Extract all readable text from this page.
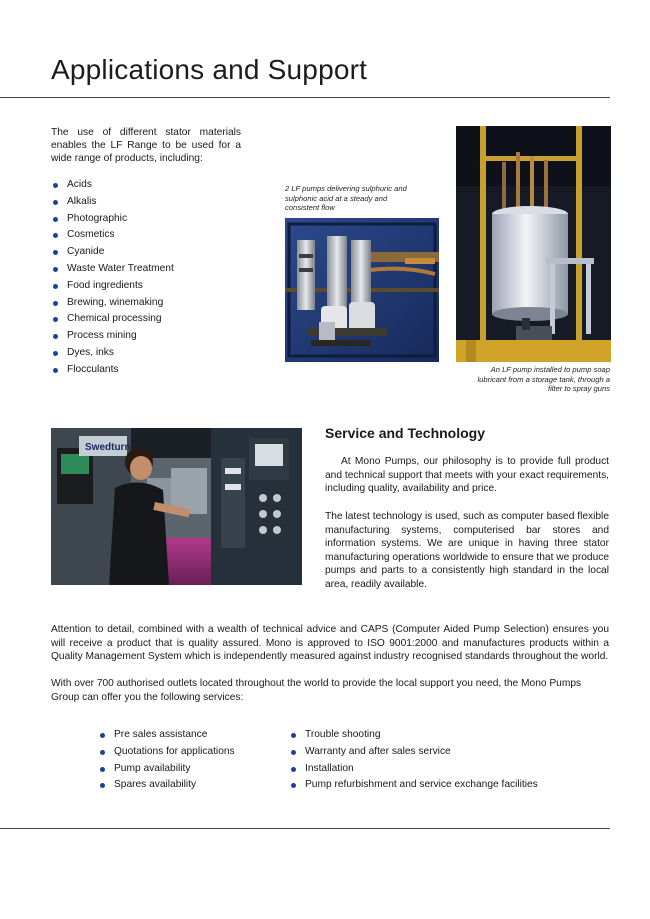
Applications and Support
The use of different stator materials enables the LF Range to be used for a wide range of products, including:
Acids
Alkalis
Photographic
Cosmetics
Cyanide
Waste Water Treatment
Food ingredients
Brewing, winemaking
Chemical processing
Process mining
Dyes, inks
Flocculants
2 LF pumps delivering sulphuric and sulphonic acid at a steady and consistent flow
An LF pump installed to pump soap lubricant from a storage tank, through a filter to spray guns
Swedturn
Service and Technology
At Mono Pumps, our philosophy is to provide full product and technical support that meets with your exact requirements, including quality, availability and price.
The latest technology is used, such as computer based flexible manufacturing systems, computerised bar stores and information systems. We are unique in having three stator manufacturing operations worldwide to ensure that we produce pumps and parts to a consistently high standard in the local area, readily available.
Attention to detail, combined with a wealth of technical advice and CAPS (Computer Aided Pump Selection) ensures you will receive a product that is quality assured. Mono is approved to ISO 9001:2000 and manufactures products within a Quality Management System which is independently measured against industry recognised standards throughout the world.
With over 700 authorised outlets located throughout the world to provide the local support you need, the Mono Pumps Group can offer you the following services:
Pre sales assistance
Quotations for applications
Pump availability
Spares availability
Trouble shooting
Warranty and after sales service
Installation
Pump refurbishment and service exchange facilities
